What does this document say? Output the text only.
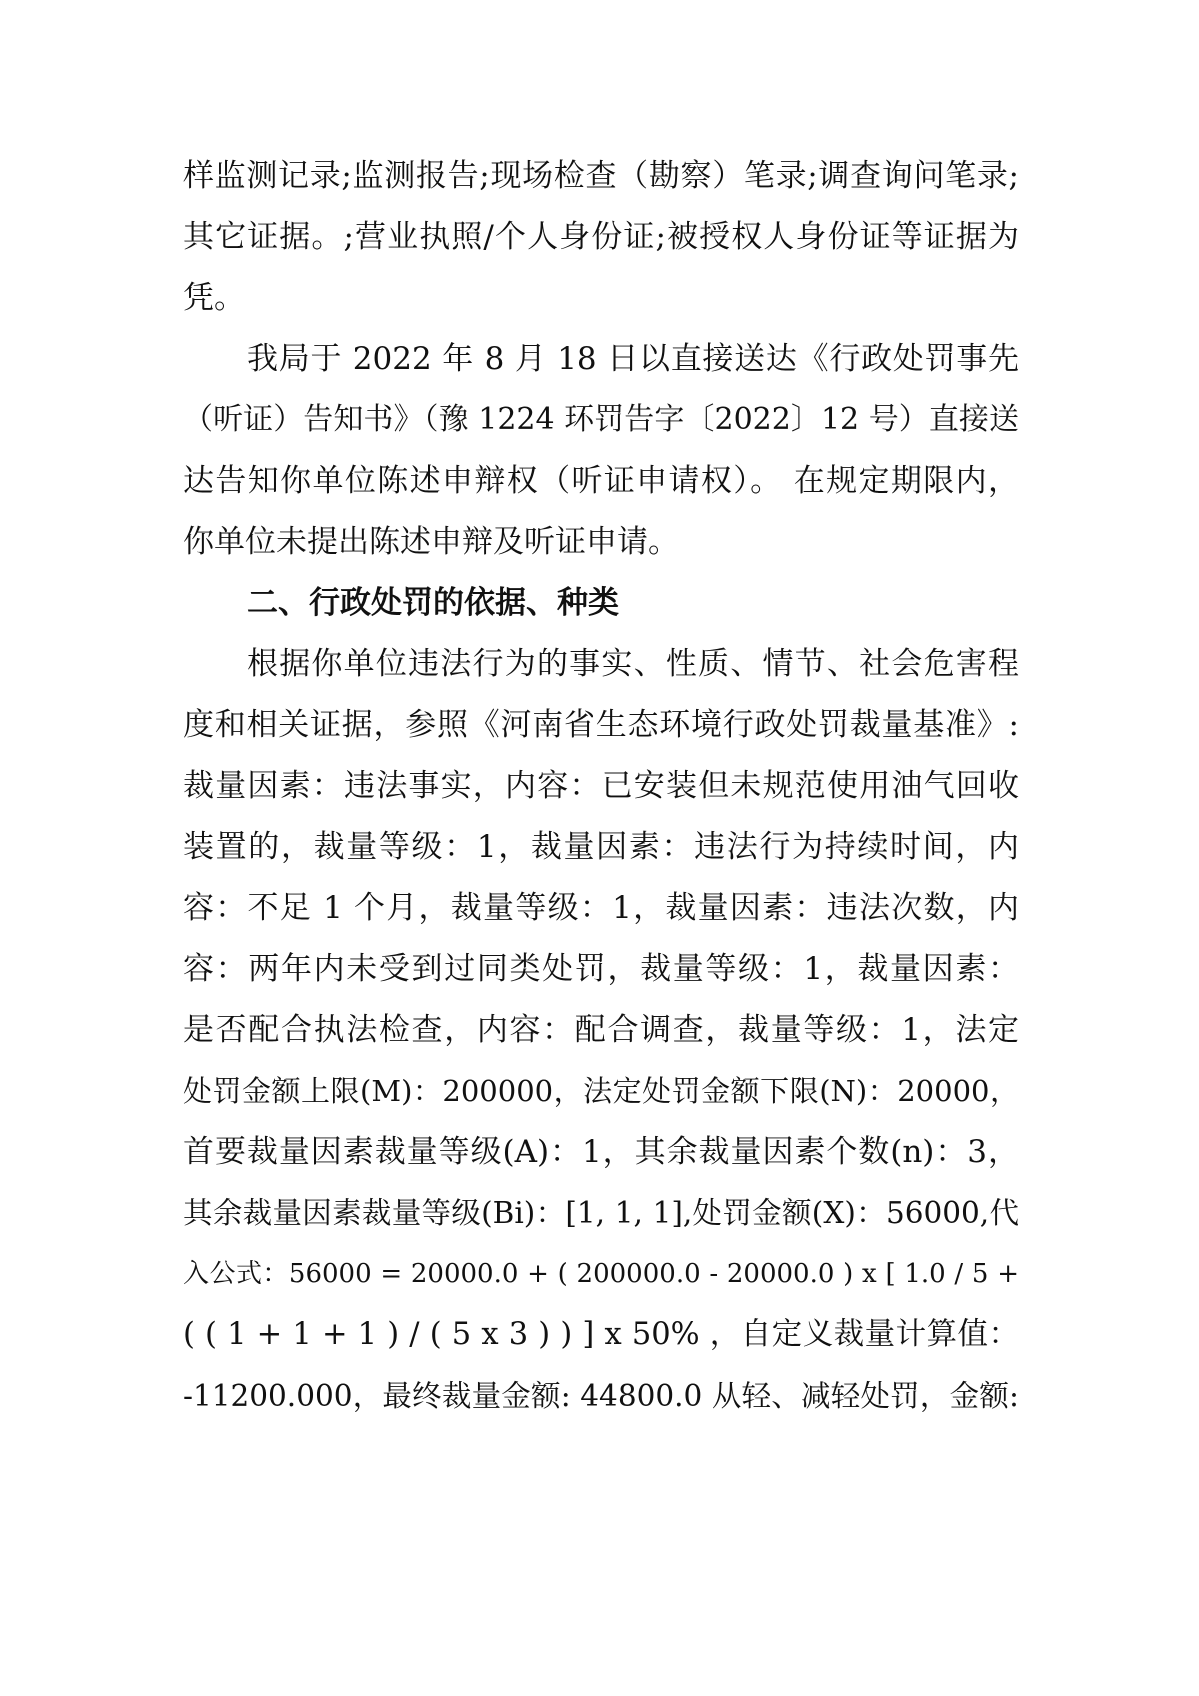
样监测记录;监测报告;现场检查（勘察）笔录;调查询问笔录;
其它证据。;营业执照/个人身份证;被授权人身份证等证据为
凭。
我局于 2022 年 8 月 18 日以直接送达《行政处罚事先
（听证）告知书》（豫 1224 环罚告字〔2022〕12 号）直接送
达告知你单位陈述申辩权（听证申请权）。 在规定期限内，
你单位未提出陈述申辩及听证申请。
二、行政处罚的依据、种类
根据你单位违法行为的事实、性质、情节、社会危害程
度和相关证据，参照《河南省生态环境行政处罚裁量基准》:
裁量因素：违法事实，内容：已安装但未规范使用油气回收
装置的，裁量等级：1，裁量因素：违法行为持续时间，内
容：不足 1 个月，裁量等级：1，裁量因素：违法次数，内
容：两年内未受到过同类处罚，裁量等级：1，裁量因素：
是否配合执法检查，内容：配合调查，裁量等级：1，法定
处罚金额上限(M)：200000，法定处罚金额下限(N)：20000，
首要裁量因素裁量等级(A)：1，其余裁量因素个数(n)：3，
其余裁量因素裁量等级(Bi)：[1, 1, 1],处罚金额(X)：56000,代
入公式：56000 = 20000.0 + ( 200000.0 - 20000.0 ) x [ 1.0 / 5 +
( ( 1 + 1 + 1 ) / ( 5 x 3 ) ) ] x 50% ，自定义裁量计算值：
-11200.000，最终裁量金额: 44800.0 从轻、减轻处罚，金额:
